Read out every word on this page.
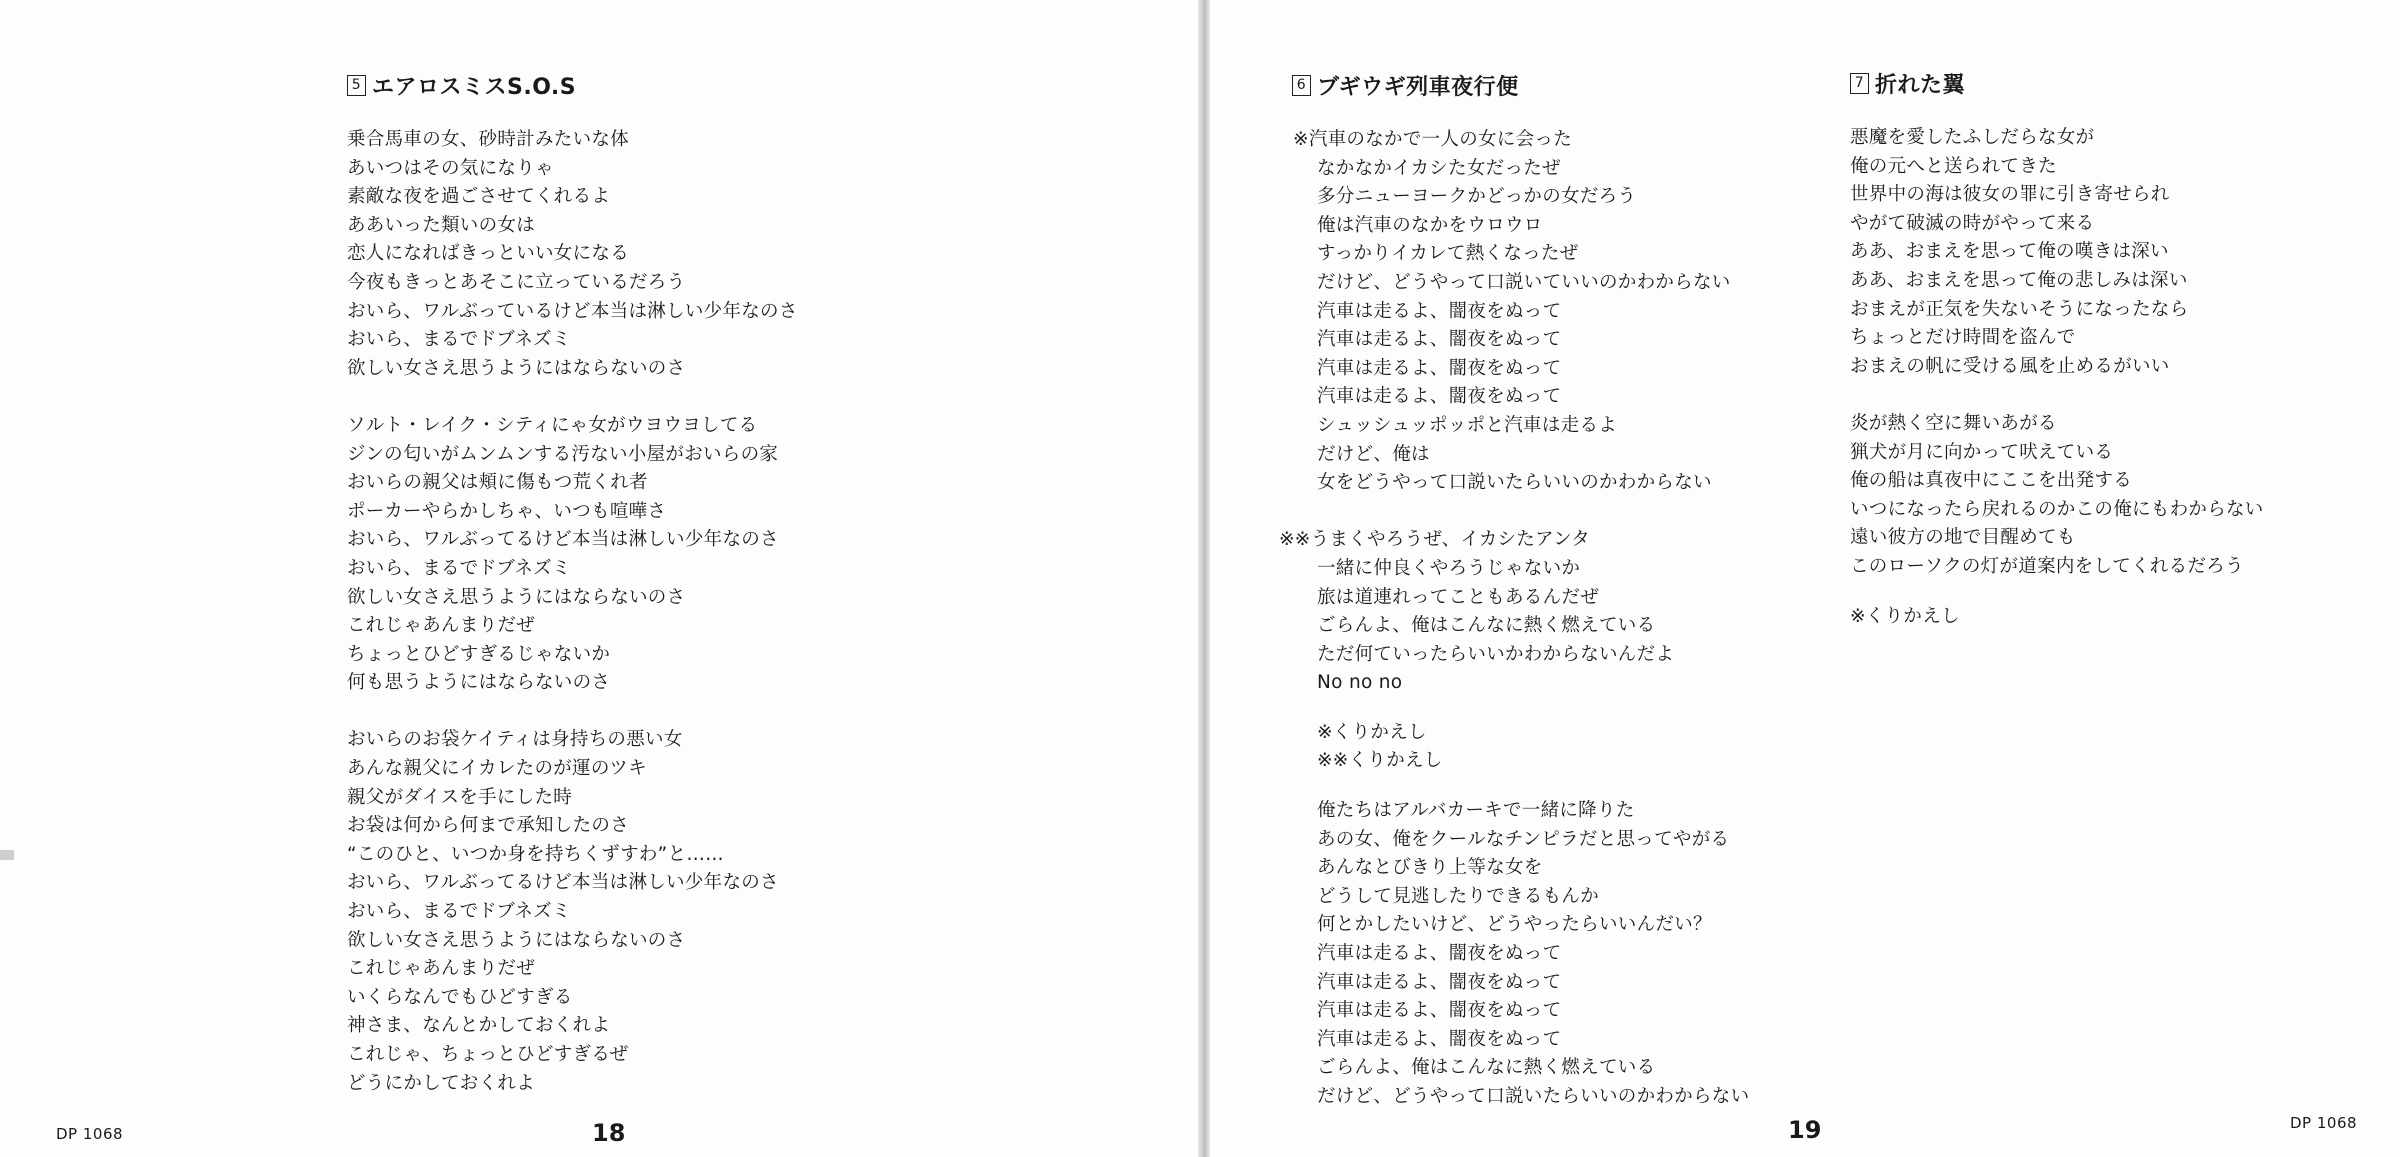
5 エアロスミスS.O.S
乗合馬車の女、砂時計みたいな体
あいつはその気になりゃ
素敵な夜を過ごさせてくれるよ
ああいった類いの女は
恋人になればきっといい女になる
今夜もきっとあそこに立っているだろう
おいら、ワルぶっているけど本当は淋しい少年なのさ
おいら、まるでドブネズミ
欲しい女さえ思うようにはならないのさ
ソルト・レイク・シティにゃ女がウヨウヨしてる
ジンの匂いがムンムンする汚ない小屋がおいらの家
おいらの親父は頬に傷もつ荒くれ者
ポーカーやらかしちゃ、いつも喧嘩さ
おいら、ワルぶってるけど本当は淋しい少年なのさ
おいら、まるでドブネズミ
欲しい女さえ思うようにはならないのさ
これじゃあんまりだぜ
ちょっとひどすぎるじゃないか
何も思うようにはならないのさ
おいらのお袋ケイティは身持ちの悪い女
あんな親父にイカレたのが運のツキ
親父がダイスを手にした時
お袋は何から何まで承知したのさ
“このひと、いつか身を持ちくずすわ”と……
おいら、ワルぶってるけど本当は淋しい少年なのさ
おいら、まるでドブネズミ
欲しい女さえ思うようにはならないのさ
これじゃあんまりだぜ
いくらなんでもひどすぎる
神さま、なんとかしておくれよ
これじゃ、ちょっとひどすぎるぜ
どうにかしておくれよ
DP 1068	18
6 ブギウギ列車夜行便
※汽車のなかで一人の女に会った
なかなかイカシた女だったぜ
多分ニューヨークかどっかの女だろう
俺は汽車のなかをウロウロ
すっかりイカレて熱くなったぜ
だけど、どうやって口説いていいのかわからない
汽車は走るよ、闇夜をぬって
汽車は走るよ、闇夜をぬって
汽車は走るよ、闇夜をぬって
汽車は走るよ、闇夜をぬって
シュッシュッポッポと汽車は走るよ
だけど、俺は
女をどうやって口説いたらいいのかわからない
※※うまくやろうぜ、イカシたアンタ
一緒に仲良くやろうじゃないか
旅は道連れってこともあるんだぜ
ごらんよ、俺はこんなに熱く燃えている
ただ何ていったらいいかわからないんだよ
No no no
※くりかえし
※※くりかえし
俺たちはアルバカーキで一緒に降りた
あの女、俺をクールなチンピラだと思ってやがる
あんなとびきり上等な女を
どうして見逃したりできるもんか
何とかしたいけど、どうやったらいいんだい？
汽車は走るよ、闇夜をぬって
汽車は走るよ、闇夜をぬって
汽車は走るよ、闇夜をぬって
汽車は走るよ、闇夜をぬって
ごらんよ、俺はこんなに熱く燃えている
だけど、どうやって口説いたらいいのかわからない
7 折れた翼
悪魔を愛したふしだらな女が
俺の元へと送られてきた
世界中の海は彼女の罪に引き寄せられ
やがて破滅の時がやって来る
ああ、おまえを思って俺の嘆きは深い
ああ、おまえを思って俺の悲しみは深い
おまえが正気を失ないそうになったなら
ちょっとだけ時間を盗んで
おまえの帆に受ける風を止めるがいい
炎が熱く空に舞いあがる
猟犬が月に向かって吠えている
俺の船は真夜中にここを出発する
いつになったら戻れるのかこの俺にもわからない
遠い彼方の地で目醒めても
このローソクの灯が道案内をしてくれるだろう
※くりかえし
19	DP 1068
